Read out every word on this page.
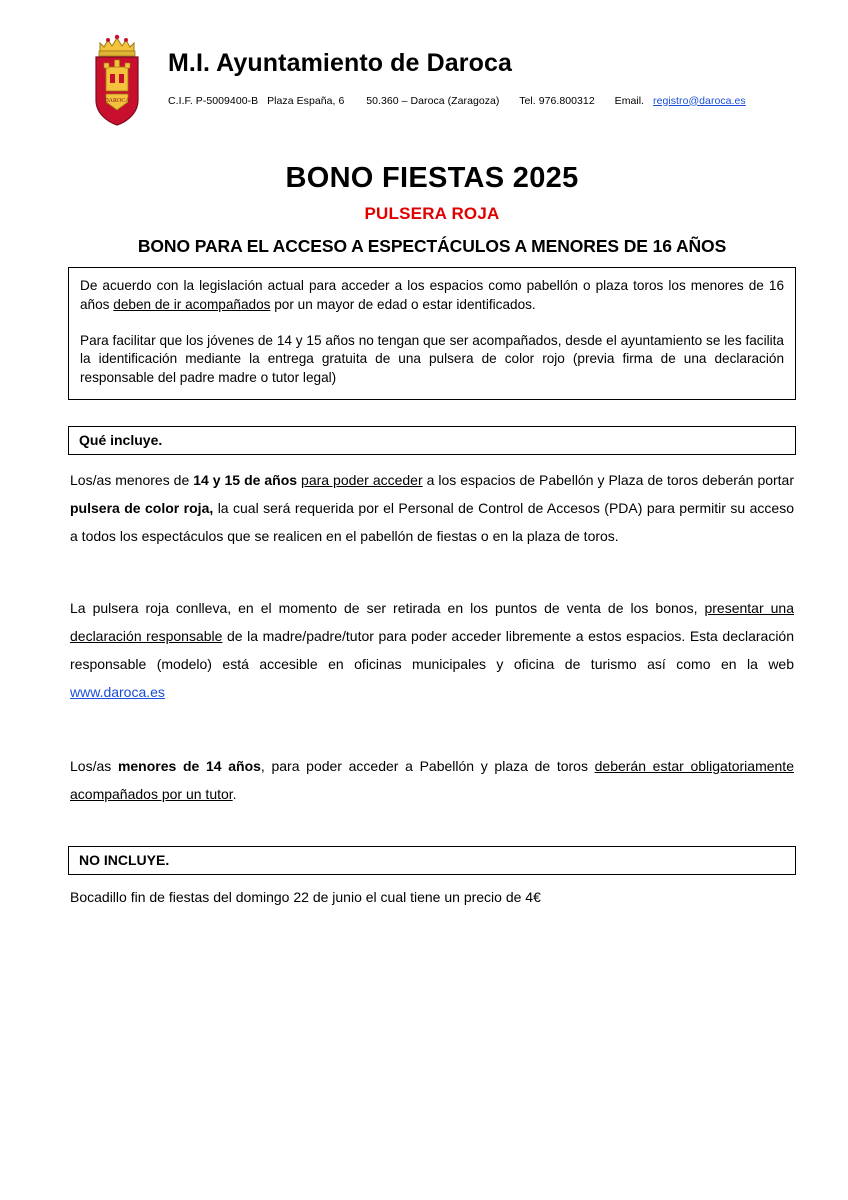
DAROCA
M.I. Ayuntamiento de Daroca
C.I.F. P-5009400-B Plaza España, 6 50.360 – Daroca (Zaragoza) Tel. 976.800312 Email. registro@daroca.es
BONO FIESTAS 2025
PULSERA ROJA
BONO PARA EL ACCESO A ESPECTÁCULOS A MENORES DE 16 AÑOS

De acuerdo con la legislación actual para acceder a los espacios como pabellón o plaza toros los menores de 16 años deben de ir acompañados por un mayor de edad o estar identificados.

Para facilitar que los jóvenes de 14 y 15 años no tengan que ser acompañados, desde el ayuntamiento se les facilita la identificación mediante la entrega gratuita de una pulsera de color rojo (previa firma de una declaración responsable del padre madre o tutor legal)

Qué incluye.
Los/as menores de 14 y 15 de años para poder acceder a los espacios de Pabellón y Plaza de toros deberán portar pulsera de color roja, la cual será requerida por el Personal de Control de Accesos (PDA) para permitir su acceso a todos los espectáculos que se realicen en el pabellón de fiestas o en la plaza de toros.
La pulsera roja conlleva, en el momento de ser retirada en los puntos de venta de los bonos, presentar una declaración responsable de la madre/padre/tutor para poder acceder libremente a estos espacios. Esta declaración responsable (modelo) está accesible en oficinas municipales y oficina de turismo así como en la web www.daroca.es
Los/as menores de 14 años, para poder acceder a Pabellón y plaza de toros deberán estar obligatoriamente acompañados por un tutor.
NO INCLUYE.
Bocadillo fin de fiestas del domingo 22 de junio el cual tiene un precio de 4€
